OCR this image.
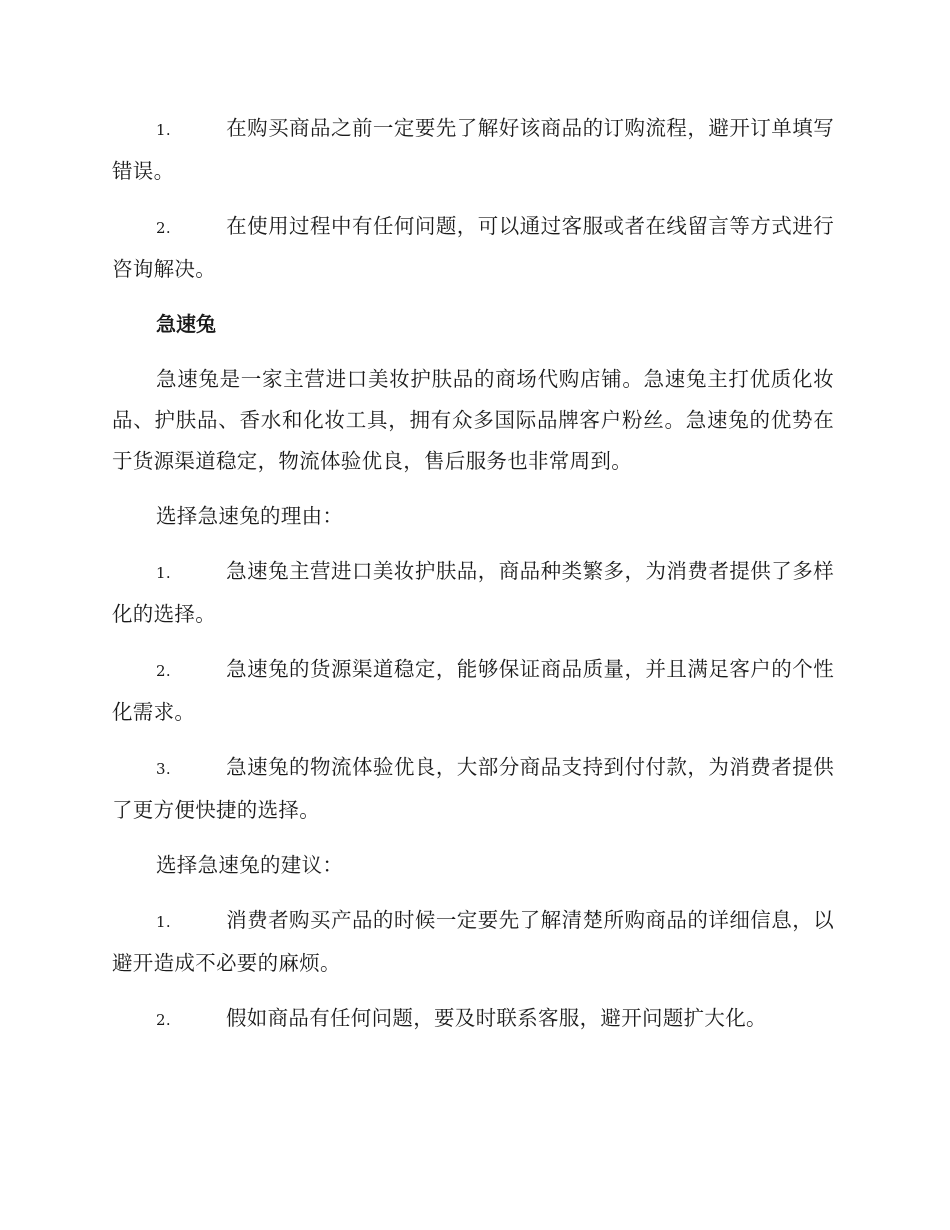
1.	在购买商品之前一定要先了解好该商品的订购流程，避开订单填写错误。

2.	在使用过程中有任何问题，可以通过客服或者在线留言等方式进行咨询解决。

急速兔

急速兔是一家主营进口美妆护肤品的商场代购店铺。急速兔主打优质化妆品、护肤品、香水和化妆工具，拥有众多国际品牌客户粉丝。急速兔的优势在于货源渠道稳定，物流体验优良，售后服务也非常周到。

选择急速兔的理由：

1.	急速兔主营进口美妆护肤品，商品种类繁多，为消费者提供了多样化的选择。

2.	急速兔的货源渠道稳定，能够保证商品质量，并且满足客户的个性化需求。

3.	急速兔的物流体验优良，大部分商品支持到付付款，为消费者提供了更方便快捷的选择。

选择急速兔的建议：

1.	消费者购买产品的时候一定要先了解清楚所购商品的详细信息，以避开造成不必要的麻烦。

2.	假如商品有任何问题，要及时联系客服，避开问题扩大化。
